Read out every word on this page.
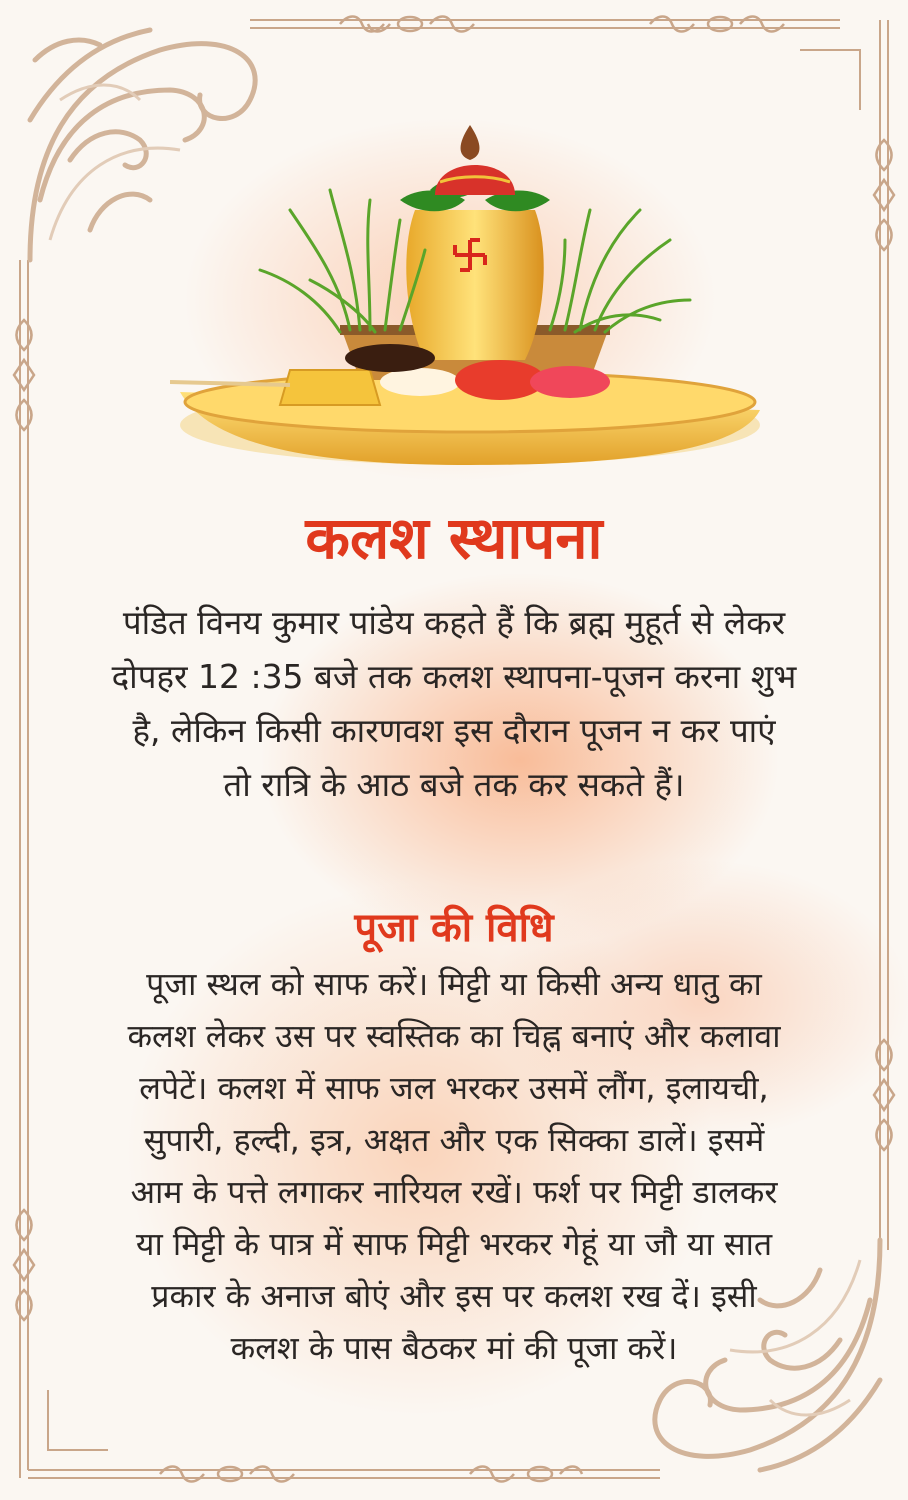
कलश स्थापना

पंडित विनय कुमार पांडेय कहते हैं कि ब्रह्म मुहूर्त से लेकर
दोपहर 12 :35 बजे तक कलश स्थापना-पूजन करना शुभ
है, लेकिन किसी कारणवश इस दौरान पूजन न कर पाएं
तो रात्रि के आठ बजे तक कर सकते हैं।

पूजा की विधि

पूजा स्थल को साफ करें। मिट्टी या किसी अन्य धातु का
कलश लेकर उस पर स्वस्तिक का चिह्न बनाएं और कलावा
लपेटें। कलश में साफ जल भरकर उसमें लौंग, इलायची,
सुपारी, हल्दी, इत्र, अक्षत और एक सिक्का डालें। इसमें
आम के पत्ते लगाकर नारियल रखें। फर्श पर मिट्टी डालकर
या मिट्टी के पात्र में साफ मिट्टी भरकर गेहूं या जौ या सात
प्रकार के अनाज बोएं और इस पर कलश रख दें। इसी
कलश के पास बैठकर मां की पूजा करें।
